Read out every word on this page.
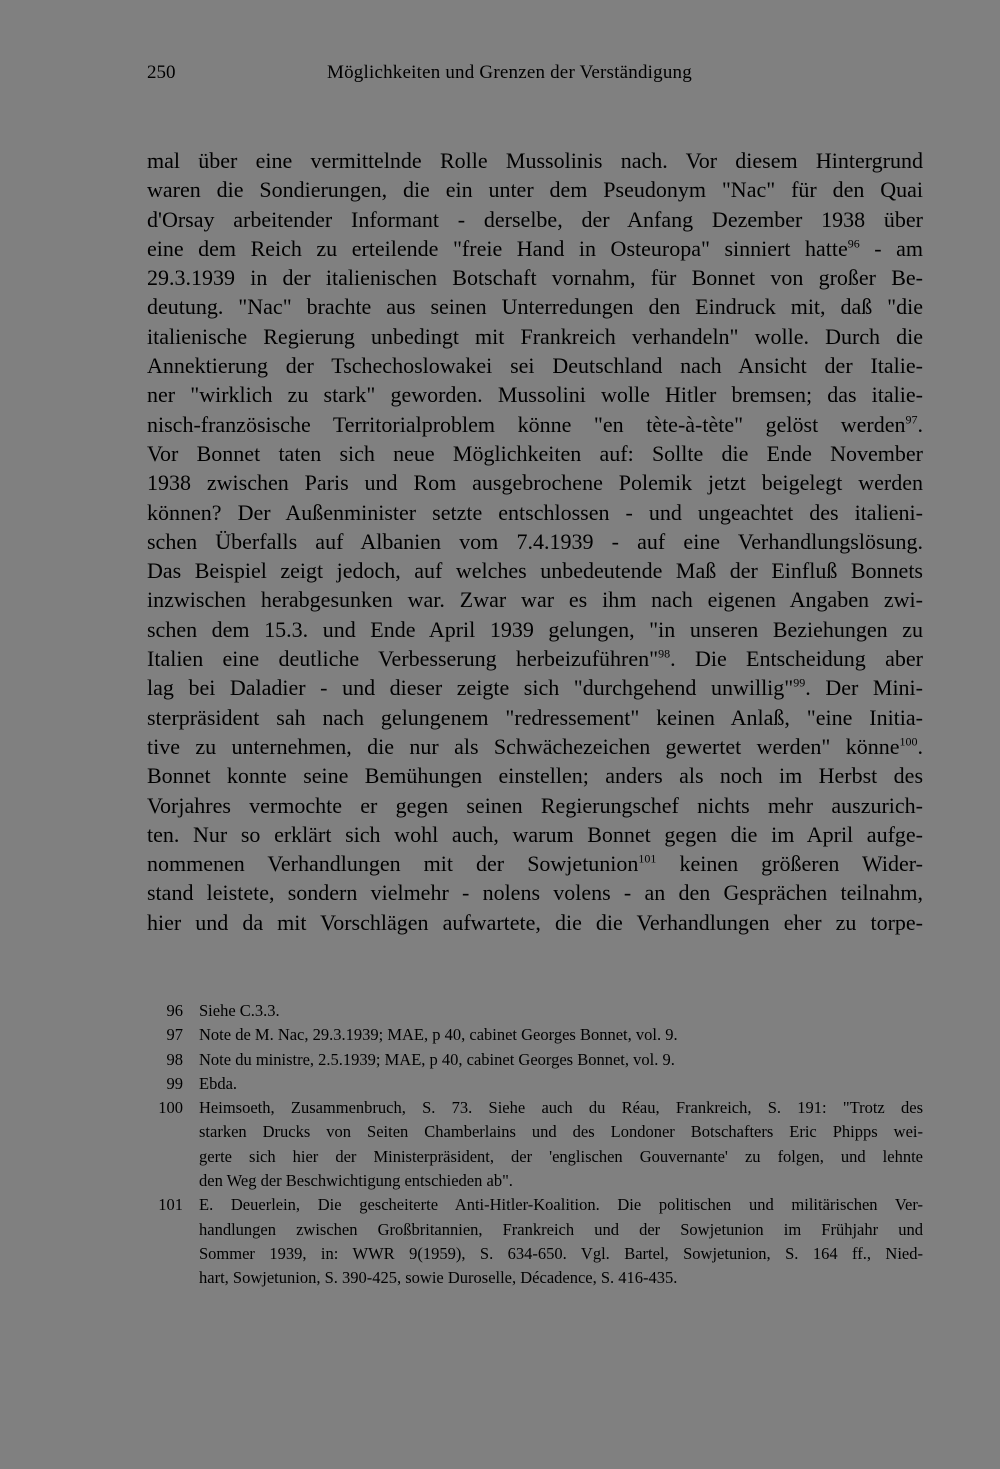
250	Möglichkeiten und Grenzen der Verständigung
mal über eine vermittelnde Rolle Mussolinis nach. Vor diesem Hintergrund
waren die Sondierungen, die ein unter dem Pseudonym "Nac" für den Quai
d'Orsay arbeitender Informant - derselbe, der Anfang Dezember 1938 über
eine dem Reich zu erteilende "freie Hand in Osteuropa" sinniert hatte$^{96}$ - am
29.3.1939 in der italienischen Botschaft vornahm, für Bonnet von großer Be-
deutung. "Nac" brachte aus seinen Unterredungen den Eindruck mit, daß "die
italienische Regierung unbedingt mit Frankreich verhandeln" wolle. Durch die
Annektierung der Tschechoslowakei sei Deutschland nach Ansicht der Italie-
ner "wirklich zu stark" geworden. Mussolini wolle Hitler bremsen; das italie-
nisch-französische Territorialproblem könne "en tète-à-tète" gelöst werden$^{97}$.
Vor Bonnet taten sich neue Möglichkeiten auf: Sollte die Ende November
1938 zwischen Paris und Rom ausgebrochene Polemik jetzt beigelegt werden
können? Der Außenminister setzte entschlossen - und ungeachtet des italieni-
schen Überfalls auf Albanien vom 7.4.1939 - auf eine Verhandlungslösung.
Das Beispiel zeigt jedoch, auf welches unbedeutende Maß der Einfluß Bonnets
inzwischen herabgesunken war. Zwar war es ihm nach eigenen Angaben zwi-
schen dem 15.3. und Ende April 1939 gelungen, "in unseren Beziehungen zu
Italien eine deutliche Verbesserung herbeizuführen"$^{98}$. Die Entscheidung aber
lag bei Daladier - und dieser zeigte sich "durchgehend unwillig"$^{99}$. Der Mini-
sterpräsident sah nach gelungenem "redressement" keinen Anlaß, "eine Initia-
tive zu unternehmen, die nur als Schwächezeichen gewertet werden" könne$^{100}$.
Bonnet konnte seine Bemühungen einstellen; anders als noch im Herbst des
Vorjahres vermochte er gegen seinen Regierungschef nichts mehr auszurich-
ten. Nur so erklärt sich wohl auch, warum Bonnet gegen die im April aufge-
nommenen Verhandlungen mit der Sowjetunion$^{101}$ keinen größeren Wider-
stand leistete, sondern vielmehr - nolens volens - an den Gesprächen teilnahm,
hier und da mit Vorschlägen aufwartete, die die Verhandlungen eher zu torpe-
96 Siehe C.3.3.
97 Note de M. Nac, 29.3.1939; MAE, p 40, cabinet Georges Bonnet, vol. 9.
98 Note du ministre, 2.5.1939; MAE, p 40, cabinet Georges Bonnet, vol. 9.
99 Ebda.
100 Heimsoeth, Zusammenbruch, S. 73. Siehe auch du Réau, Frankreich, S. 191: "Trotz des
starken Drucks von Seiten Chamberlains und des Londoner Botschafters Eric Phipps wei-
gerte sich hier der Ministerpräsident, der 'englischen Gouvernante' zu folgen, und lehnte
den Weg der Beschwichtigung entschieden ab".
101 E. Deuerlein, Die gescheiterte Anti-Hitler-Koalition. Die politischen und militärischen Ver-
handlungen zwischen Großbritannien, Frankreich und der Sowjetunion im Frühjahr und
Sommer 1939, in: WWR 9(1959), S. 634-650. Vgl. Bartel, Sowjetunion, S. 164 ff., Nied-
hart, Sowjetunion, S. 390-425, sowie Duroselle, Décadence, S. 416-435.
